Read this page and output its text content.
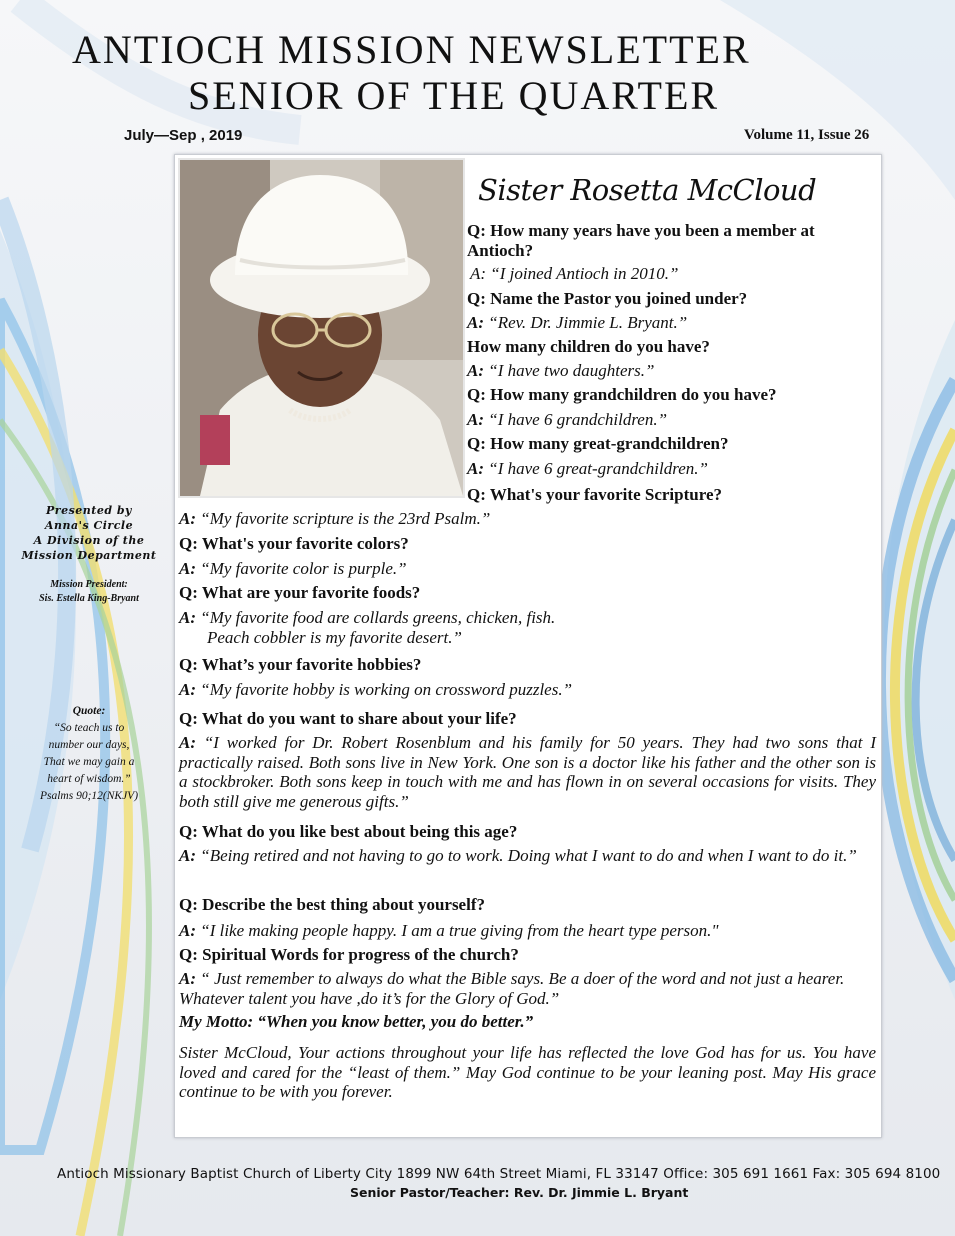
ANTIOCH MISSION NEWSLETTER
SENIOR OF THE QUARTER
July—Sep , 2019	Volume 11, Issue 26
Presented by
Anna's Circle
A Division of the
Mission Department
Mission President:
Sis. Estella King-Bryant
Quote:
“So teach us to
number our days,
That we may gain a
heart of wisdom.”
Psalms 90;12(NKJV)
Sister Rosetta McCloud
Q: How many years have you been a member at
Antioch?
A: “I joined Antioch in 2010.”
Q: Name the Pastor you joined under?
A: “Rev. Dr. Jimmie L. Bryant.”
How many children do you have?
A: “I have two daughters.”
Q: How many grandchildren do you have?
A: “I have 6 grandchildren.”
Q: How many great-grandchildren?
A: “I have 6 great-grandchildren.”
Q: What's your favorite Scripture?
A: “My favorite scripture is the 23rd Psalm.”
Q: What's your favorite colors?
A: “My favorite color is purple.”
Q: What are your favorite foods?
A: “My favorite food are collards greens, chicken, fish.
Peach cobbler is my favorite desert.”
Q: What’s your favorite hobbies?
A: “My favorite hobby is working on crossword puzzles.”
Q: What do you want to share about your life?
A: “I worked for Dr. Robert Rosenblum and his family for 50 years. They had two sons that I practically raised. Both sons live in New York. One son is a doctor like his father and the other son is a stockbroker. Both sons keep in touch with me and has flown in on several occasions for visits. They both still give me generous gifts.”
Q: What do you like best about being this age?
A: “Being retired and not having to go to work. Doing what I want to do and when I want to do it.”
Q: Describe the best thing about yourself?
A: “I like making people happy. I am a true giving from the heart type person."
Q: Spiritual Words for progress of the church?
A: “ Just remember to always do what the Bible says. Be a doer of the word and not just a hearer. Whatever talent you have ,do it’s for the Glory of God.”
My Motto: “When you know better, you do better.”
Sister McCloud, Your actions throughout your life has reflected the love God has for us. You have loved and cared for the “least of them.” May God continue to be your leaning post. May His grace continue to be with you forever.
Antioch Missionary Baptist Church of Liberty City 1899 NW 64th Street Miami, FL 33147 Office: 305 691 1661 Fax: 305 694 8100
Senior Pastor/Teacher: Rev. Dr. Jimmie L. Bryant
